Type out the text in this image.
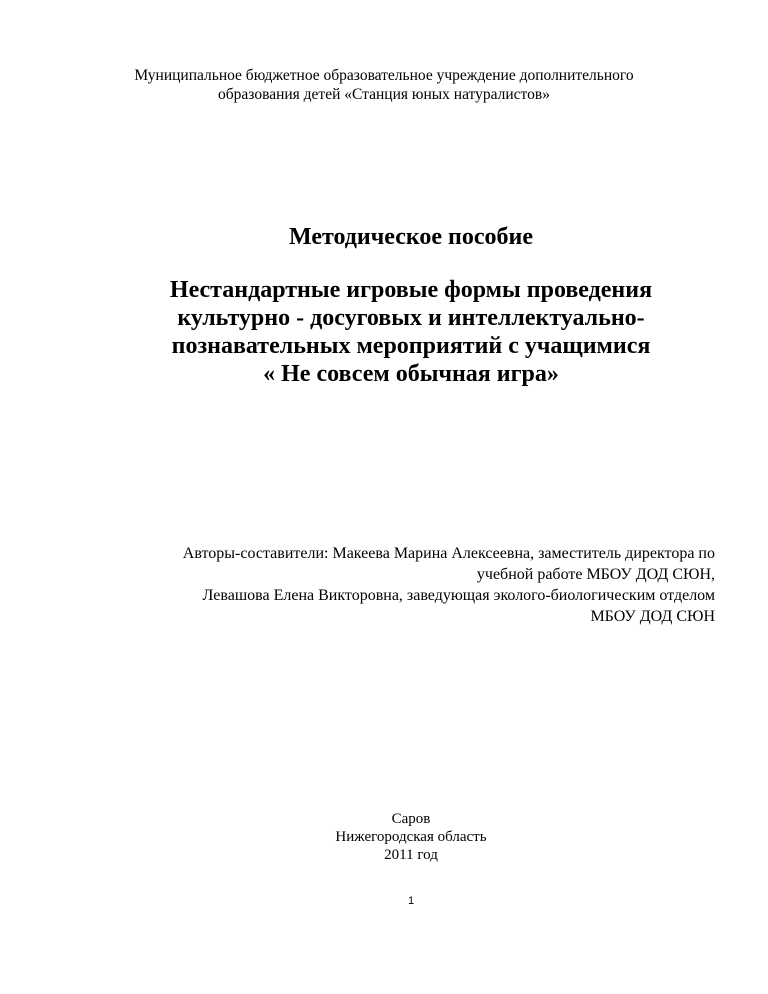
Муниципальное бюджетное образовательное учреждение дополнительного
образования детей «Станция юных натуралистов»
Методическое пособие
Нестандартные игровые формы проведения
культурно - досуговых и интеллектуально-
познавательных мероприятий с учащимися
« Не совсем обычная игра»
Авторы-составители: Макеева Марина Алексеевна, заместитель директора по
учебной работе МБОУ ДОД СЮН,
Левашова Елена Викторовна, заведующая эколого-биологическим отделом
МБОУ ДОД СЮН
Саров
Нижегородская область
2011 год
1
